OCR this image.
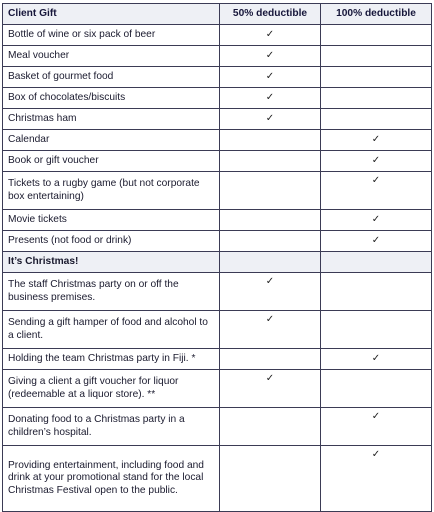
Client Gift	50% deductible	100% deductible
Bottle of wine or six pack of beer	✓	
Meal voucher	✓	
Basket of gourmet food	✓	
Box of chocolates/biscuits	✓	
Christmas ham	✓	
Calendar		✓
Book or gift voucher		✓
Tickets to a rugby game (but not corporate box entertaining)		✓
Movie tickets		✓
Presents (not food or drink)		✓
It’s Christmas!		
The staff Christmas party on or off the business premises.	✓	
Sending a gift hamper of food and alcohol to a client.	✓	
Holding the team Christmas party in Fiji. *		✓
Giving a client a gift voucher for liquor (redeemable at a liquor store). **	✓	
Donating food to a Christmas party in a children’s hospital.		✓
Providing entertainment, including food and drink at your promotional stand for the local Christmas Festival open to the public.		✓
